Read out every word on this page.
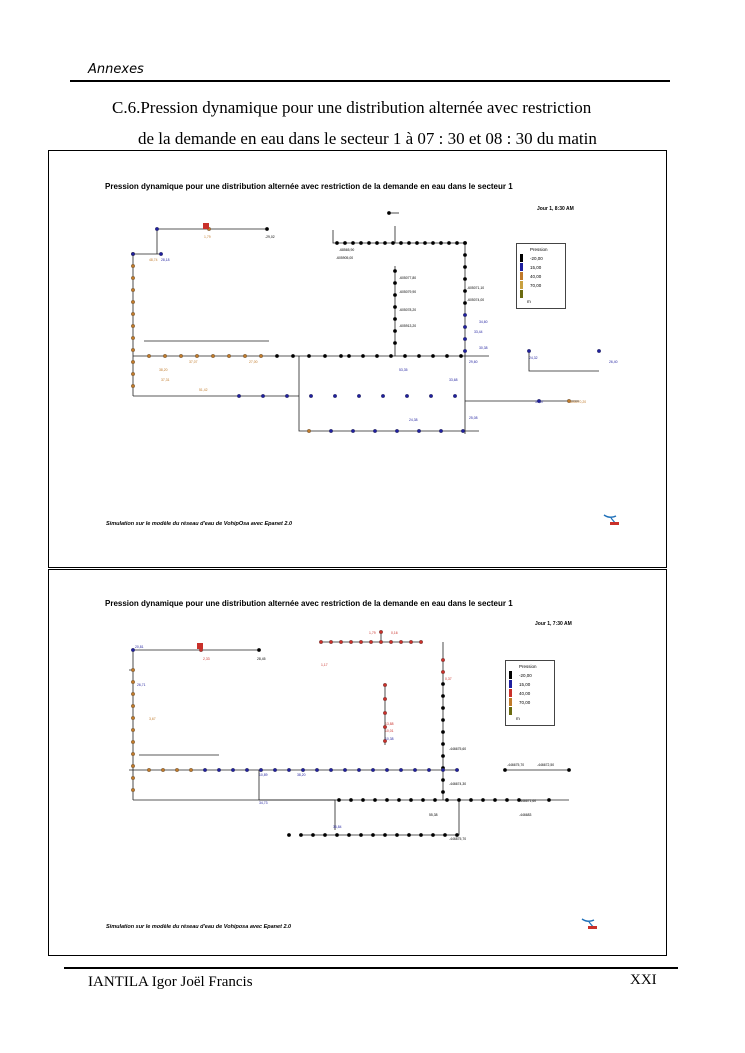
Annexes
C.6.Pression dynamique pour une distribution alternée avec restriction
de la demande en eau dans le secteur 1 à 07 : 30 et 08 : 30 du matin
Pression dynamique pour une distribution alternée avec restriction de la demande en eau dans le secteur 1
Jour 1, 8:30 AM
1,79	-29,02
28,18
-68565,90
-605905,00
48,74
38,20
37,07	27,00
51,42
34,60
33,44
29,60
24,32
26,40
37,31
53,35
33,68
25,08
24,38
30,38
34,57	-605070,20
-605071,10
-605074,00
-605077,80
-605079,90
-605078,20
-605913,20
Pression
-20,00
15,00
40,00
70,00
m
Simulation sur le modèle du réseau d'eau de VohipOsa avec Epanet 2.0
Pression dynamique pour une distribution alternée avec restriction de la demande en eau dans le secteur 1
Jour 1, 7:30 AM
20,81
2,33	28,45
1,79	0,16
1,17
0,37
26,71
3,67
13,88
10,01
10,38
10,89	38,20
34,73
36,84
55,38
-446674,30
-446675,70
-446671,60
-446672,50
-446683
-446675,60
-446875,70
Pression
-20,00
15,00
40,00
70,00
m
Simulation sur le modèle du réseau d'eau de Vohiposa avec Epanet 2.0
IANTILA Igor Joël Francis	XXI
